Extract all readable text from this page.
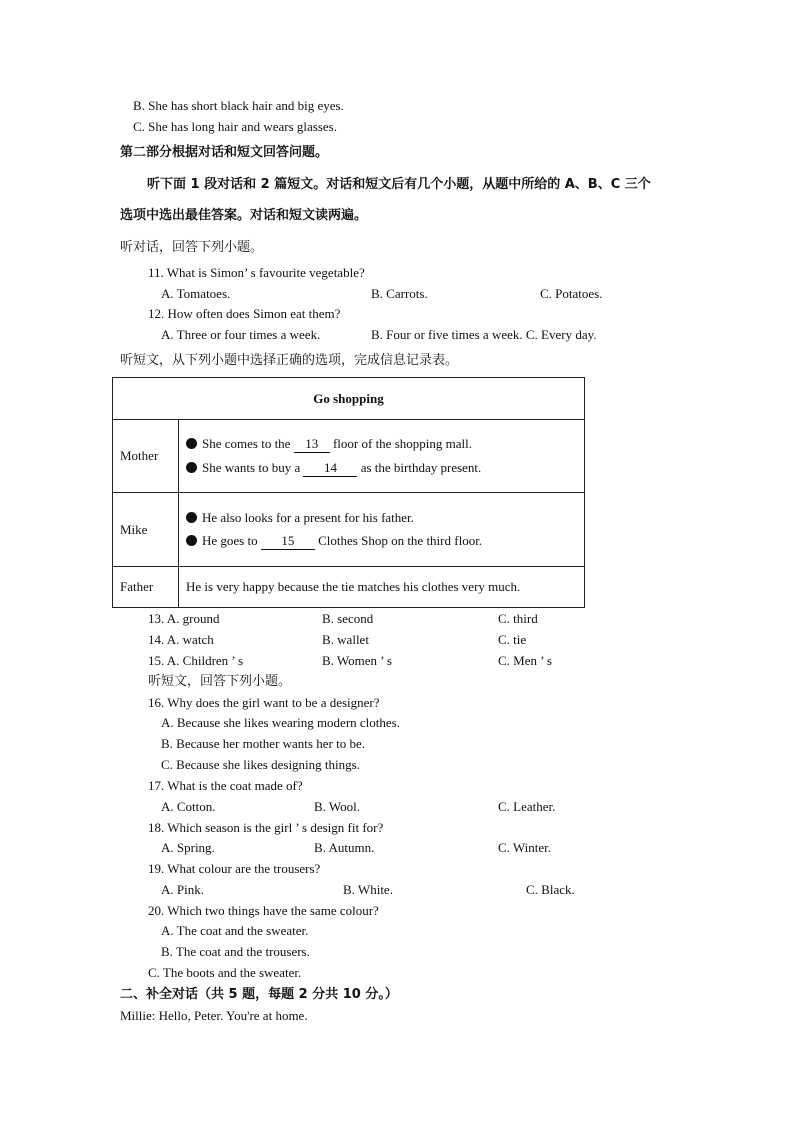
B. She has short black hair and big eyes.
C. She has long hair and wears glasses.
第二部分根据对话和短文回答问题。
听下面 1 段对话和 2 篇短文。对话和短文后有几个小题，从题中所给的 A、B、C 三个
选项中选出最佳答案。对话和短文读两遍。
听对话，回答下列小题。
11. What is Simon’ s favourite vegetable?
A. Tomatoes.	B. Carrots.	C. Potatoes.
12. How often does Simon eat them?
A. Three or four times a week.	B. Four or five times a week. C. Every day.
听短文，从下列小题中选择正确的选项，完成信息记录表。
Go shopping	
Mother	She comes to the 13 floor of the shopping mall.
She wants to buy a 14 as the birthday present.

Mike	He also looks for a present for his father.
He goes to 15 Clothes Shop on the third floor.

Father	He is very happy because the tie matches his clothes very much.
13. A. ground	B. second	C. third
14. A. watch	B. wallet	C. tie
15. A. Children ’ s	B. Women ’ s	C. Men ’ s
听短文，回答下列小题。
16. Why does the girl want to be a designer?
A. Because she likes wearing modern clothes.
B. Because her mother wants her to be.
C. Because she likes designing things.
17. What is the coat made of?
A. Cotton.	B. Wool.	C. Leather.
18. Which season is the girl ’ s design fit for?
A. Spring.	B. Autumn.	C. Winter.
19. What colour are the trousers?
A. Pink.	B. White.	C. Black.
20. Which two things have the same colour?
A. The coat and the sweater.
B. The coat and the trousers.
C. The boots and the sweater.
二、补全对话（共 5 题，每题 2 分共 10 分。）
Millie: Hello, Peter. You're at home.
